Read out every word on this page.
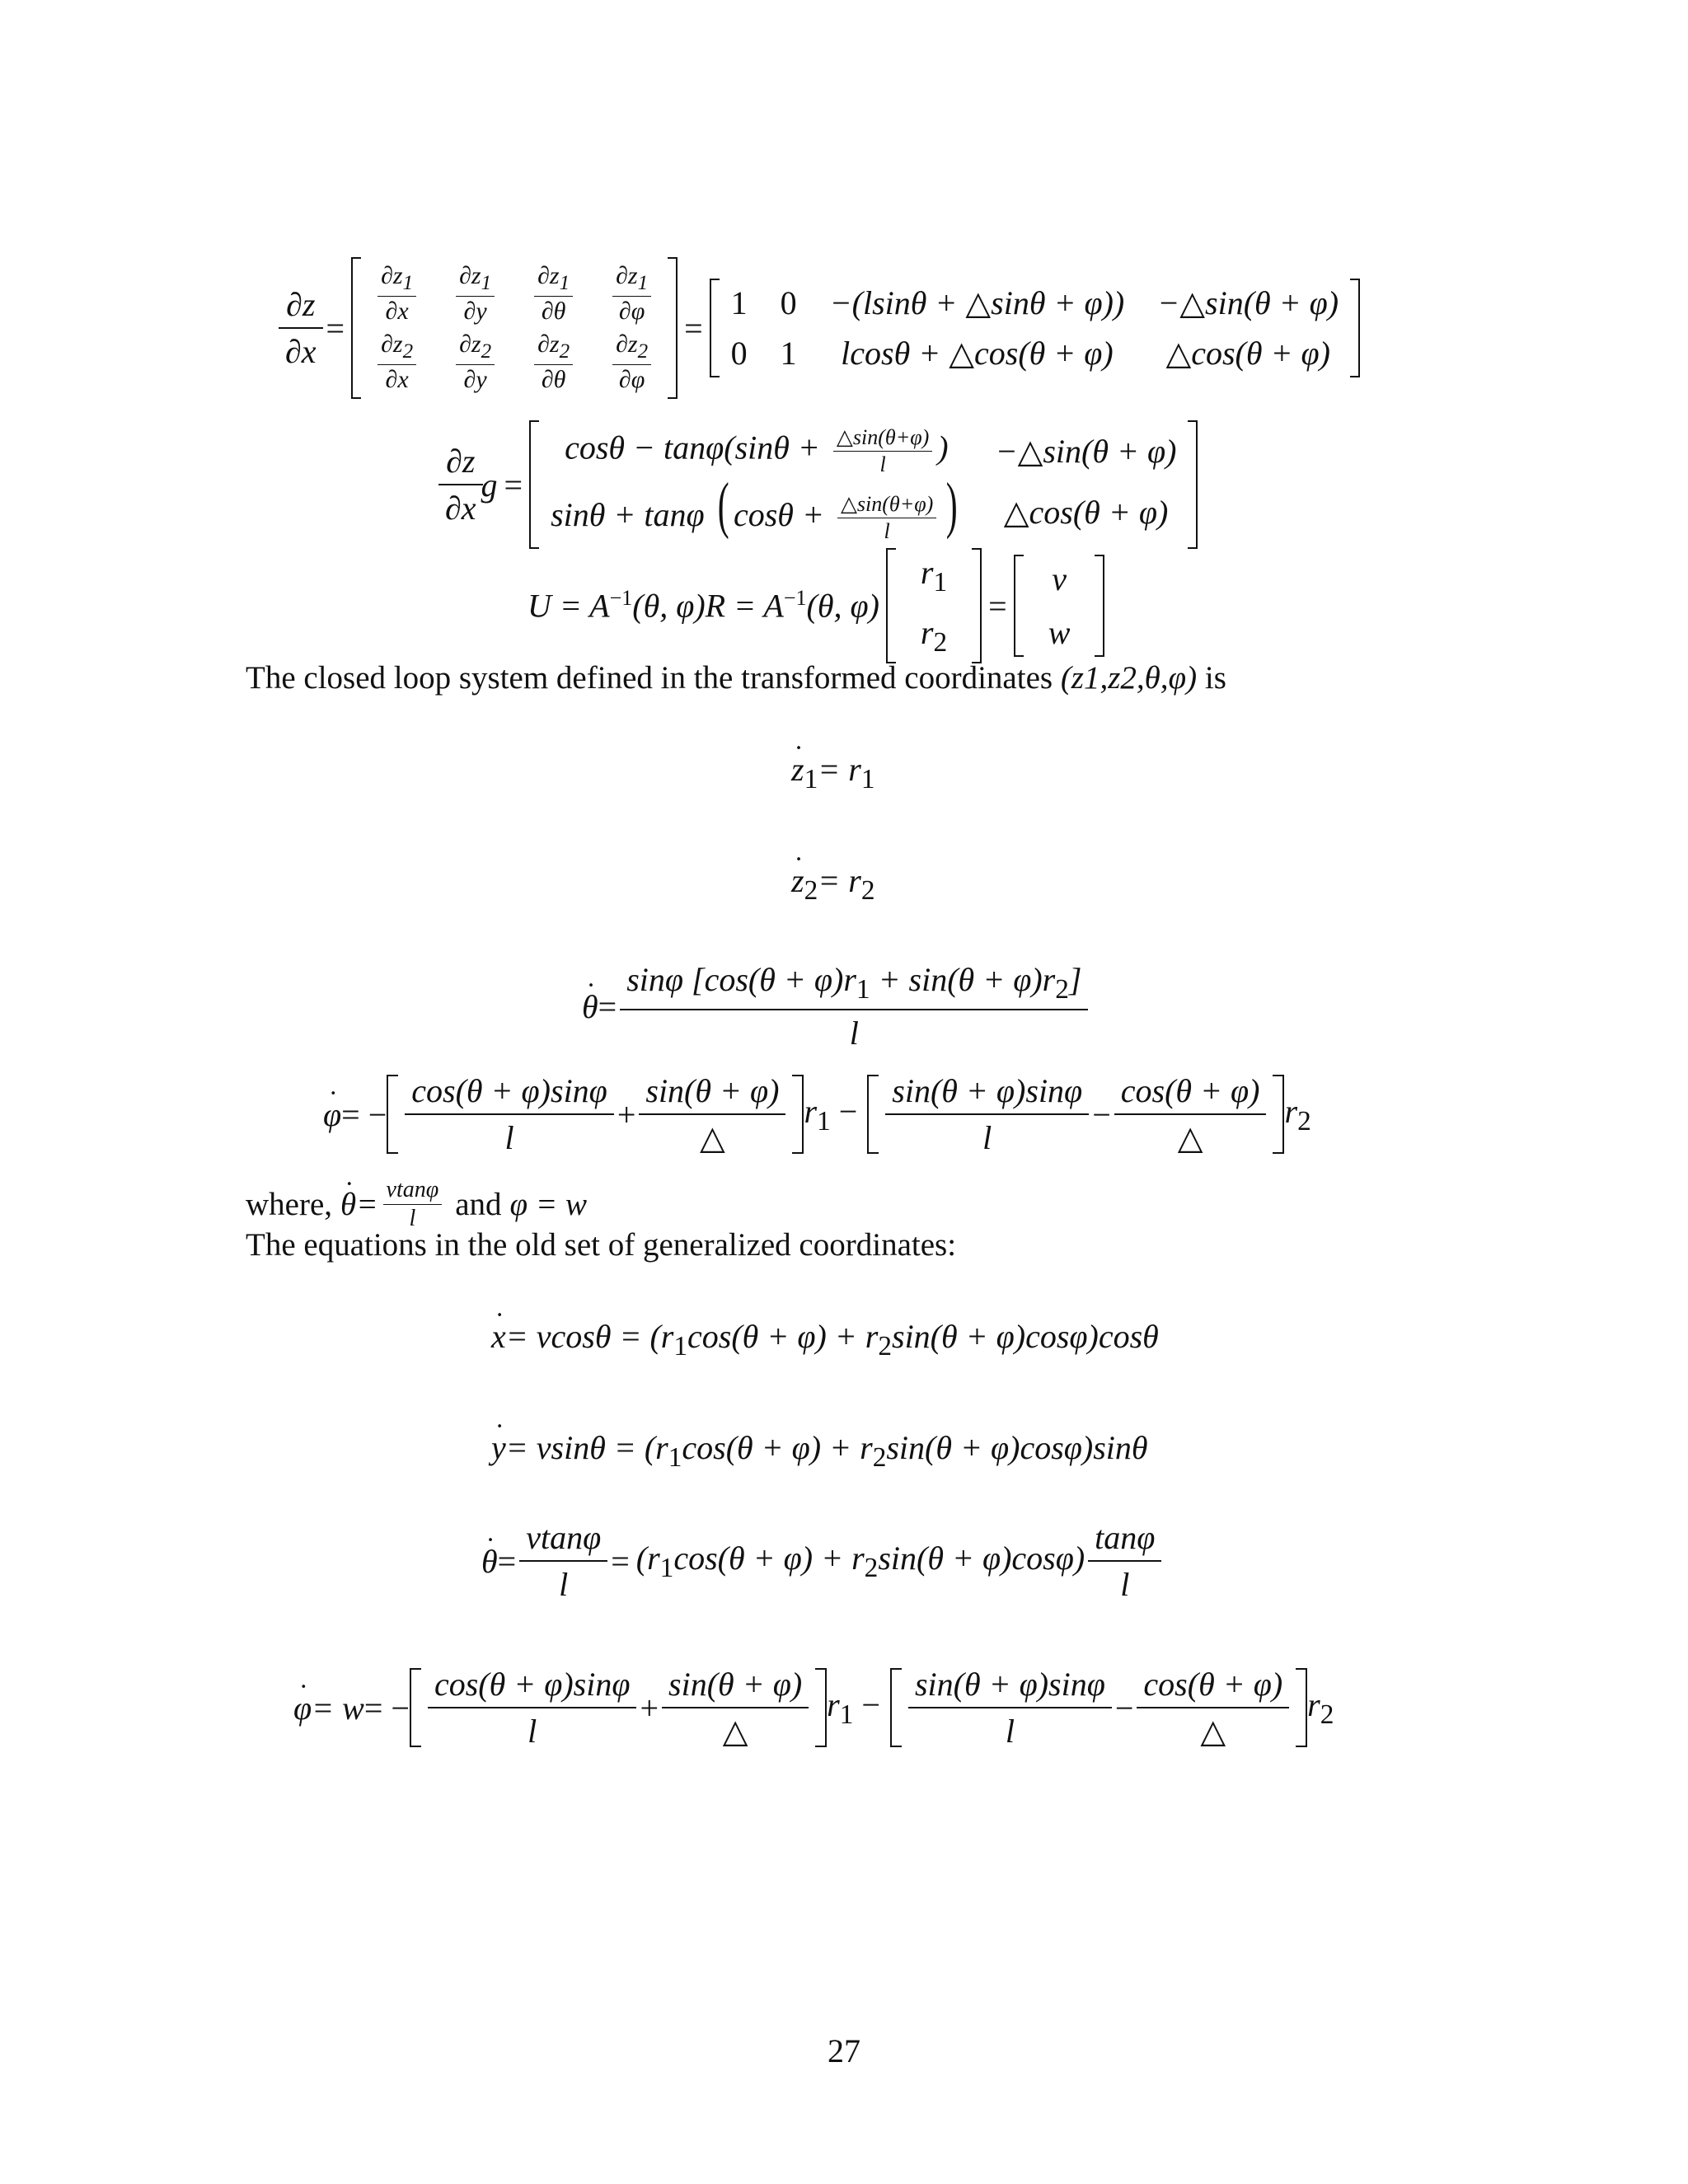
$\frac{\partial z}{\partial x}$ =
$\frac{\partial z_1}{\partial x} \frac{\partial z_1}{\partial y} \frac{\partial z_1}{\partial\theta} \frac{\partial z_1}{\partial\varphi}$
$\frac{\partial z_2}{\partial x} \frac{\partial z_2}{\partial y} \frac{\partial z_2}{\partial\theta} \frac{\partial z_2}{\partial\varphi}$
=
1 0 −(lsinθ + △sinθ + φ)) −△sin(θ + φ)
0 1 lcosθ + △cos(θ + φ) △cos(θ + φ)
$\frac{\partial z}{\partial x}$ g =
$\cos\theta - \tan\varphi(\sin\theta + \frac{\triangle\sin(\theta+\varphi)}{l}$ ) −△sin(θ + φ)
sinθ + tanφ ( $\cos\theta + \frac{\triangle\sin(\theta+\varphi)}{l}$ ) △cos(θ + φ)
$U = A^{-1}(\theta$, $\varphi)R = A^{-1}(\theta$, φ)
$r_1$
$r_2$
=
v
w
The closed loop system defined in the transformed coordinates (z1,z2,θ,φ) is
z $˙_1= r_1$
z $˙_2= r_2$
θ ˙ = $\frac{\sin\varphi [\cos(\theta + \varphi)r_1 + \sin(\theta + \varphi)r_2]}{l}$
φ ˙ = − $\frac{\cos(\theta + \varphi)\sin\varphi}{l} + \frac{\sin(\theta + \varphi)}{\triangle} r_1 - \frac{\sin(\theta + \varphi)\sin\varphi}{l} - \frac{\cos(\theta + \varphi)}{\triangle} r_2$
where, θ ˙= $\frac{vtan\varphi}{l}$ and φ = w
The equations in the old set of generalized coordinates:
x ˙= $vcos\theta = (r_1\cos(\theta + \varphi) + r_2\sin(\theta + \varphi)\cos\varphi)\cos\theta$
y ˙= $vsin\theta = (r_1\cos(\theta + \varphi) + r_2\sin(\theta + \varphi)\cos\varphi)\sin\theta$
θ ˙ = $\frac{vtan\varphi}{l} = (r_1\cos(\theta + \varphi) + r_2\sin(\theta + \varphi)\cos\varphi) \frac{\tan\varphi}{l}$
φ ˙ = w = − $\frac{\cos(\theta + \varphi)\sin\varphi}{l} + \frac{\sin(\theta + \varphi)}{\triangle} r_1 - \frac{\sin(\theta + \varphi)\sin\varphi}{l} - \frac{\cos(\theta + \varphi)}{\triangle} r_2$
27
